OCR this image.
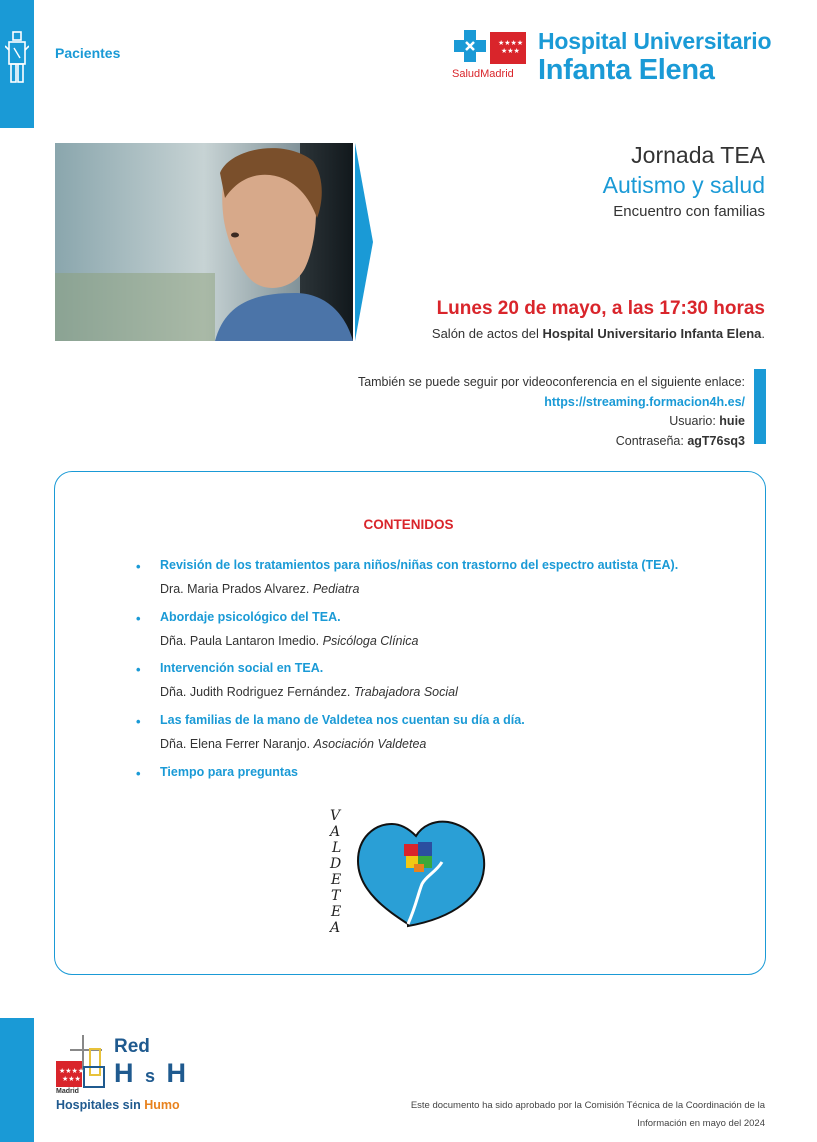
Pacientes
★★★★
★★★
SaludMadrid
Hospital Universitario
Infanta Elena
Jornada TEA
Autismo y salud
Encuentro con familias
Lunes 20 de mayo, a las 17:30 horas
Salón de actos del Hospital Universitario Infanta Elena.
También se puede seguir por videoconferencia en el siguiente enlace:
https://streaming.formacion4h.es/
Usuario: huie
Contraseña: agT76sq3
CONTENIDOS
• Revisión de los tratamientos para niños/niñas con trastorno del espectro autista (TEA).
Dra. Maria Prados Alvarez. Pediatra
• Abordaje psicológico del TEA.
Dña. Paula Lantaron Imedio. Psicóloga Clínica
• Intervención social en TEA.
Dña. Judith Rodriguez Fernández. Trabajadora Social
• Las familias de la mano de Valdetea nos cuentan su día a día.
Dña. Elena Ferrer Naranjo. Asociación Valdetea
• Tiempo para preguntas
V
A
L
D
E
T
E
A
★★★★
★★★
Red
H s H
Madrid
Hospitales sin Humo	Este documento ha sido aprobado por la Comisión Técnica de la Coordinación de la
Información en mayo del 2024
